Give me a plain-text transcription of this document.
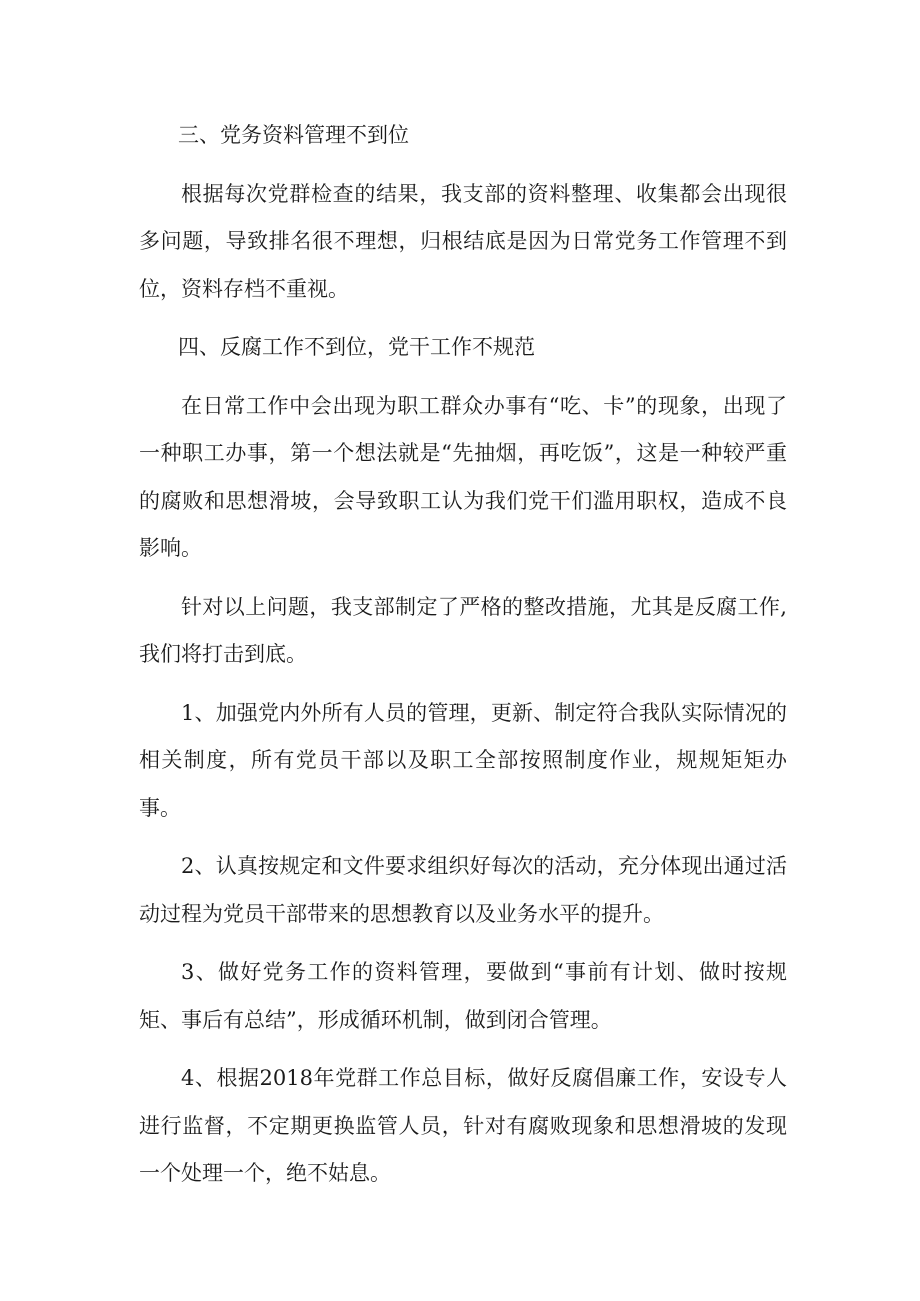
三、党务资料管理不到位

根据每次党群检查的结果，我支部的资料整理、收集都会出现很多问题，导致排名很不理想，归根结底是因为日常党务工作管理不到位，资料存档不重视。

四、反腐工作不到位，党干工作不规范

在日常工作中会出现为职工群众办事有“吃、卡”的现象，出现了一种职工办事，第一个想法就是“先抽烟，再吃饭”，这是一种较严重的腐败和思想滑坡，会导致职工认为我们党干们滥用职权，造成不良影响。

针对以上问题，我支部制定了严格的整改措施，尤其是反腐工作,我们将打击到底。

1、加强党内外所有人员的管理，更新、制定符合我队实际情况的相关制度，所有党员干部以及职工全部按照制度作业，规规矩矩办事。

2、认真按规定和文件要求组织好每次的活动，充分体现出通过活动过程为党员干部带来的思想教育以及业务水平的提升。

3、做好党务工作的资料管理，要做到“事前有计划、做时按规矩、事后有总结”，形成循环机制，做到闭合管理。

4、根据2018年党群工作总目标，做好反腐倡廉工作，安设专人进行监督，不定期更换监管人员，针对有腐败现象和思想滑坡的发现一个处理一个，绝不姑息。
